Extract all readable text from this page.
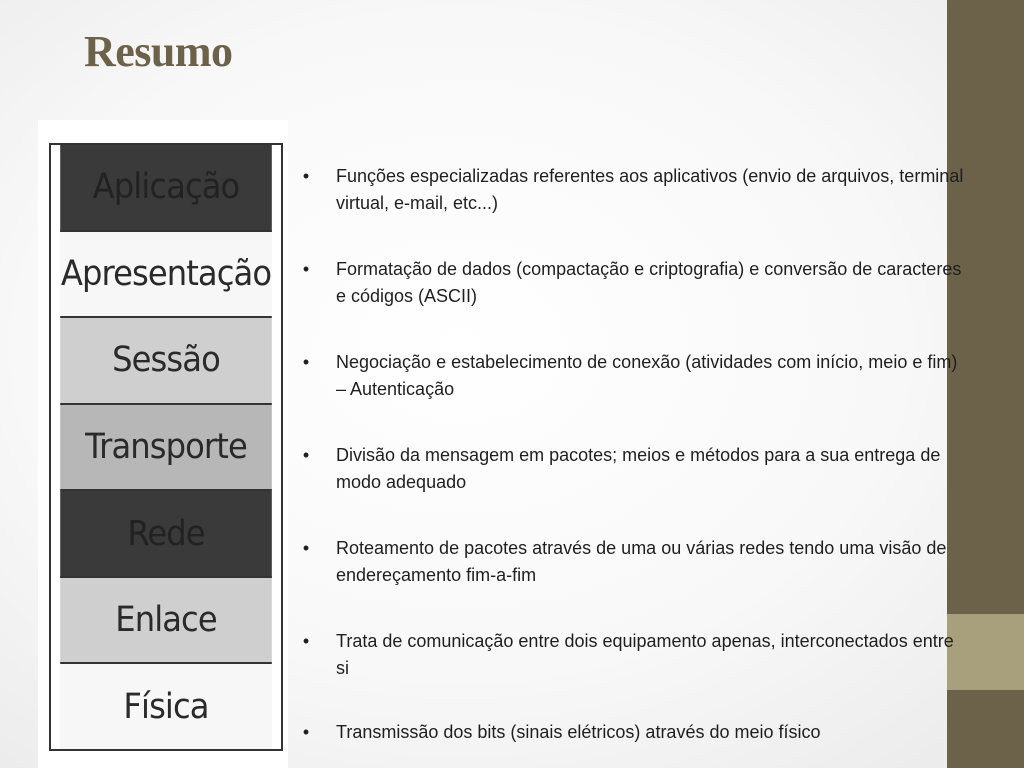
Resumo
Aplicação
Apresentação
Sessão
Transporte
Rede
Enlace
Física
•	Funções especializadas referentes aos aplicativos (envio de arquivos, terminal virtual, e-mail, etc...)
•	Formatação de dados (compactação e criptografia) e conversão de caracteres e códigos (ASCII)
•	Negociação e estabelecimento de conexão (atividades com início, meio e fim) – Autenticação
•	Divisão da mensagem em pacotes; meios e métodos para a sua entrega de modo adequado
•	Roteamento de pacotes através de uma ou várias redes tendo uma visão de endereçamento fim-a-fim
•	Trata de comunicação entre dois equipamento apenas, interconectados entre si
•	Transmissão dos bits (sinais elétricos) através do meio físico
